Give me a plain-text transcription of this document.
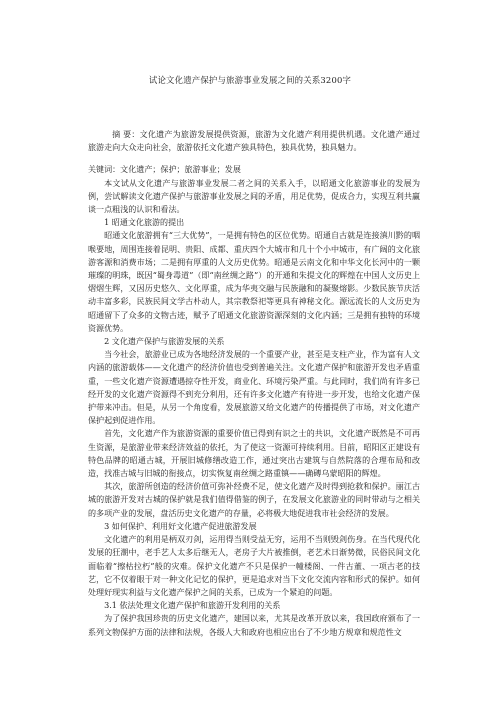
试论文化遗产保护与旅游事业发展之间的关系3200字

摘 要：文化遗产为旅游发展提供资源，旅游为文化遗产利用提供机遇。文化遗产通过旅游走向大众走向社会，旅游依托文化遗产独具特色，独具优势，独具魅力。

关键词：文化遗产；保护；旅游事业；发展

本文试从文化遗产与旅游事业发展二者之间的关系入手，以昭通文化旅游事业的发展为例，尝试解读文化遗产保护与旅游事业发展之间的矛盾，用足优势，促成合力，实现互利共赢谈一点粗浅的认识和看法。

1 昭通文化旅游的提出

昭通文化旅游拥有“三大优势”，一是拥有特色的区位优势。昭通自古就是连接滇川黔的咽喉要地，周围连接着昆明、贵阳、成都、重庆四个大城市和几十个小中城市，有广阔的文化旅游客源和消费市场；二是拥有厚重的人文历史优势。昭通是云南文化和中华文化长河中的一颗璀璨的明珠，既因“蜀身毒道”（即“南丝绸之路”）的开通和朱提文化的辉煌在中国人文历史上熠熠生辉，又因历史悠久、文化厚重，成为华夷交融与民族融和的凝聚熔影。少数民族节庆活动丰富多彩，民族民间文学古朴动人，其宗教祭祀等更具有神秘文化。源远流长的人文历史为昭通留下了众多的文物古迹，赋予了昭通文化旅游资源深刻的文化内涵；三是拥有独特的环境资源优势。

2 文化遗产保护与旅游发展的关系

当今社会，旅游业已成为各地经济发展的一个重要产业，甚至是支柱产业，作为富有人文内涵的旅游载体——文化遗产的经济价值也受到普遍关注。文化遗产保护和旅游开发也矛盾重重，一些文化遗产资源遭遇掠夺性开发，商业化、环境污染严重。与此同时，我们尚有许多已经开发的文化遗产资源得不到充分利用，还有许多文化遗产有待进一步开发，也给文化遗产保护带来冲击。但是，从另一个角度看，发展旅游又给文化遗产的传播提供了市场，对文化遗产保护起到促进作用。

首先，文化遗产作为旅游资源的重要价值已得到有识之士的共识，文化遗产既然是不可再生资源，是旅游业带来经济效益的依托，为了使这一资源可持续利用。目前，昭阳区正建设有特色品牌的昭通古城，开展旧城修缮改造工作，通过突出古建筑与自然院落的合理布局和改造，找准古城与旧城的衔接点，切实恢复南丝绸之路重镇——确磚乌蒙昭阳的辉煌。

其次，旅游所创造的经济价值可弥补经费不足，使文化遗产及时得到抢救和保护。丽江古城的旅游开发对古城的保护就是我们值得借鉴的例子，在发展文化旅游业的同时带动与之相关的多项产业的发展，盘活历史文化遗产的存量，必将极大地促进我市社会经济的发展。

3 如何保护、利用好文化遗产促进旅游发展

文化遗产的利用是柄双刃剑，运用得当则受益无穷，运用不当则毁剑伤身。在当代现代化发展的狂潮中，老手艺人太多后继无人，老房子大片被推倒，老艺术日渐势微，民俗民间文化面临着“擦枯拉朽”般的灾难。保护文化遗产不只是保护一幢楼阁、一件古董、一项古老的技艺，它不仅着眼于对一种文化记忆的保护，更是追求对当下文化交流内容和形式的保护。如何处理好现实利益与文化遗产保护之间的关系，已成为一个紧迫的问题。

3.1 依法处理文化遗产保护和旅游开发利用的关系

为了保护我国珍贵的历史文化遗产，建国以来，尤其是改革开放以来，我国政府颁布了一系列文物保护方面的法律和法规，各级人大和政府也相应出台了不少地方规章和规范性文
